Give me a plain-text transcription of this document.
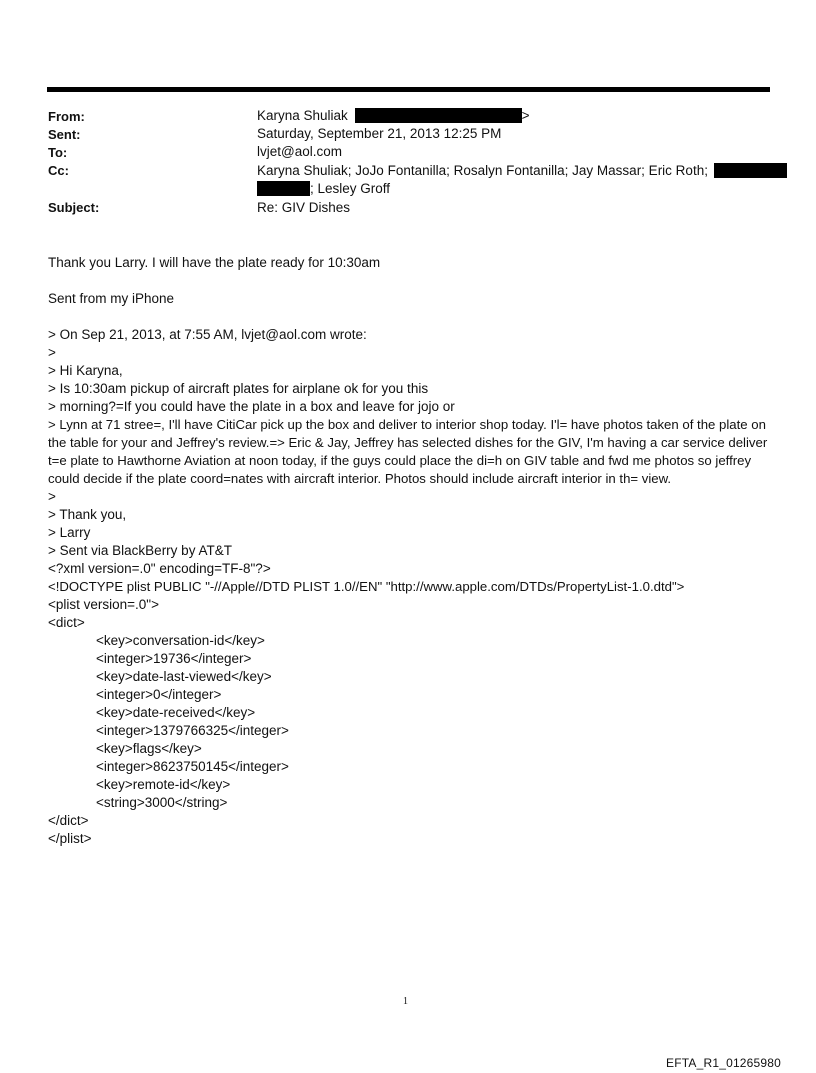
From:
Sent:
To:
Cc:
Subject:
Karyna Shuliak	>
Saturday, September 21, 2013 12:25 PM
lvjet@aol.com
Karyna Shuliak; JoJo Fontanilla; Rosalyn Fontanilla; Jay Massar; Eric Roth;
; Lesley Groff
Re: GIV Dishes
Thank you Larry. I will have the plate ready for 10:30am
Sent from my iPhone
> On Sep 21, 2013, at 7:55 AM, lvjet@aol.com wrote:
>
> Hi Karyna,
> Is 10:30am pickup of aircraft plates for airplane ok for you this
> morning?=If you could have the plate in a box and leave for jojo or
> Lynn at 71 stree=, I'll have CitiCar pick up the box and deliver to interior shop today. I'l= have photos taken of the plate on the table for your and Jeffrey's review.=> Eric & Jay, Jeffrey has selected dishes for the GIV, I'm having a car service deliver t=e plate to Hawthorne Aviation at noon today, if the guys could place the di=h on GIV table and fwd me photos so jeffrey could decide if the plate coord=nates with aircraft interior. Photos should include aircraft interior in th= view.
>
> Thank you,
> Larry
> Sent via BlackBerry by AT&T
<?xml version=.0" encoding=TF-8"?>
<!DOCTYPE plist PUBLIC "-//Apple//DTD PLIST 1.0//EN" "http://www.apple.com/DTDs/PropertyList-1.0.dtd">
<plist version=.0">
<dict>
<key>conversation-id</key>
<integer>19736</integer>
<key>date-last-viewed</key>
<integer>0</integer>
<key>date-received</key>
<integer>1379766325</integer>
<key>flags</key>
<integer>8623750145</integer>
<key>remote-id</key>
<string>3000</string>
</dict>
</plist>
1
EFTA_R1_01265980
